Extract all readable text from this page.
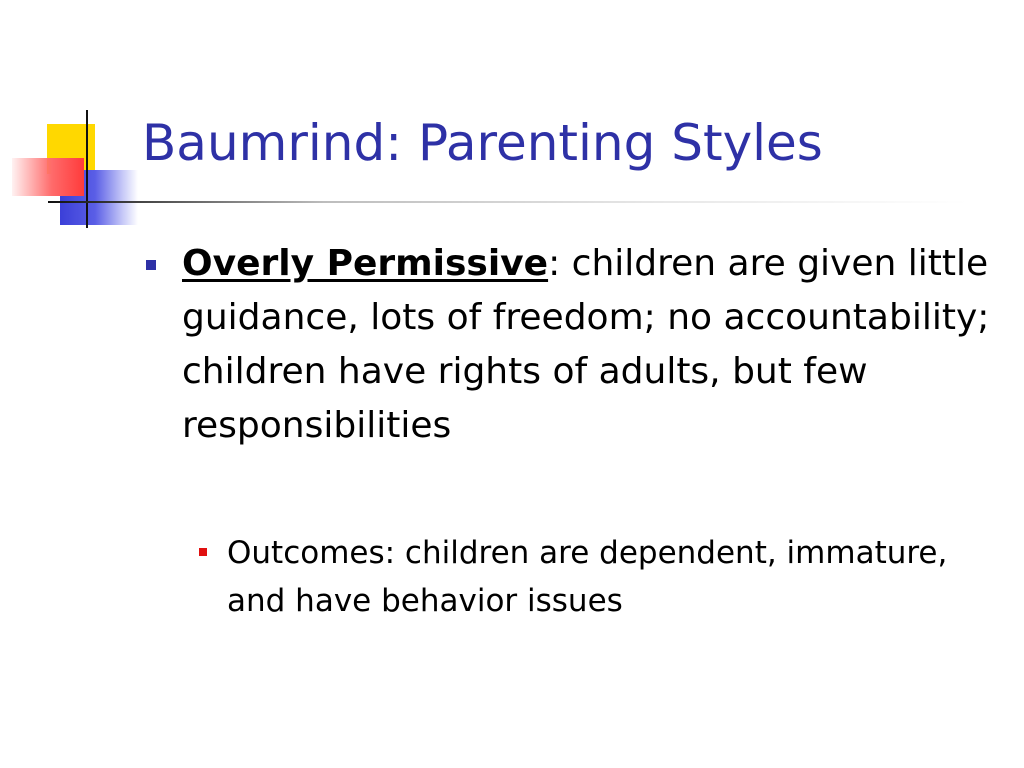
Baumrind: Parenting Styles
Overly Permissive: children are given little guidance, lots of freedom; no accountability; children have rights of adults, but few responsibilities
Outcomes: children are dependent, immature, and have behavior issues
